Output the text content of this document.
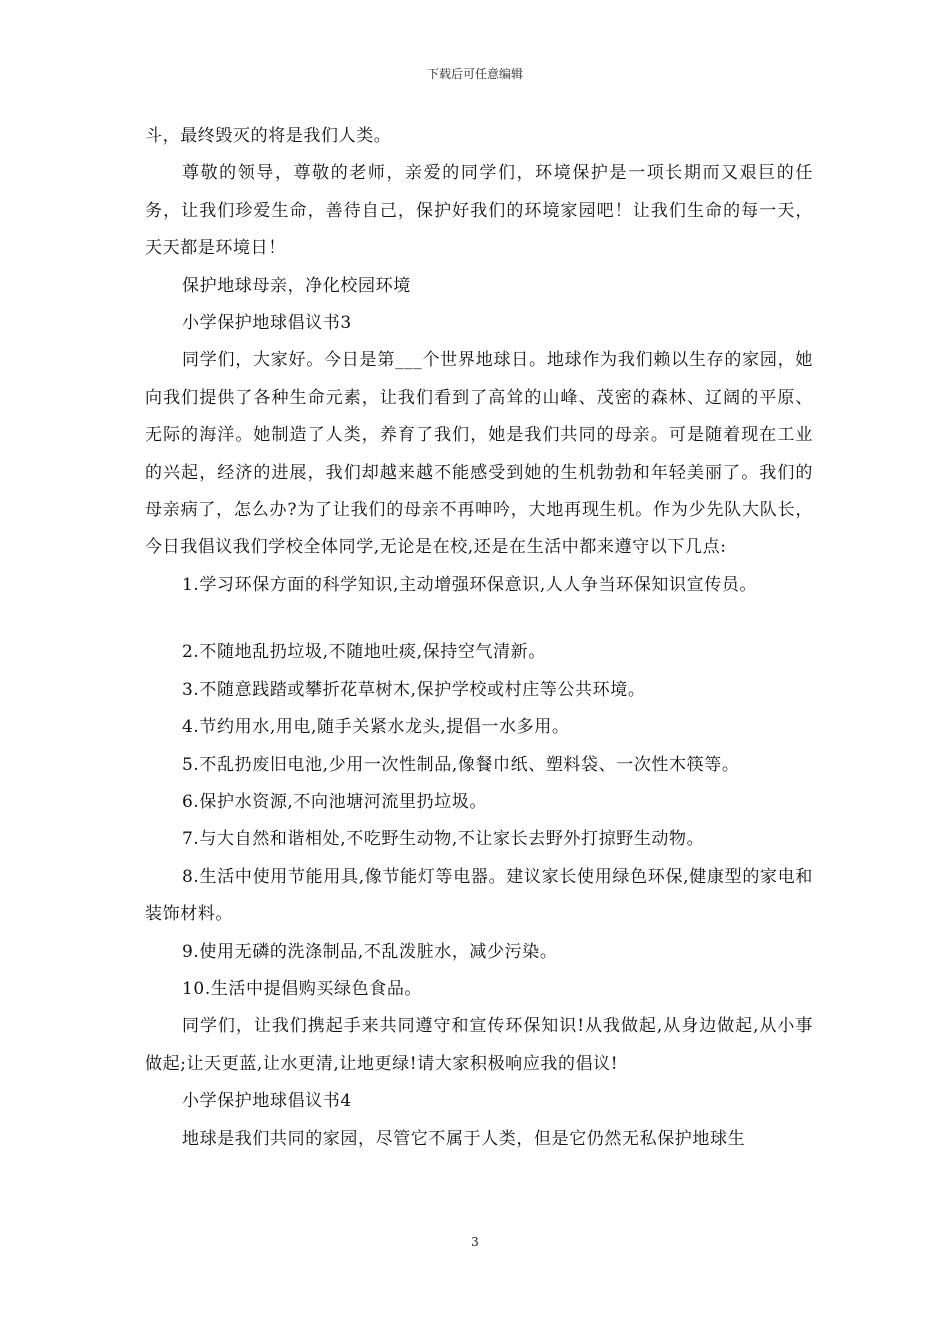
下载后可任意编辑

斗，最终毁灭的将是我们人类。

尊敬的领导，尊敬的老师，亲爱的同学们，环境保护是一项长期而又艰巨的任务，让我们珍爱生命，善待自己，保护好我们的环境家园吧！让我们生命的每一天，天天都是环境日！

保护地球母亲，净化校园环境

小学保护地球倡议书3

同学们，大家好。今日是第___个世界地球日。地球作为我们赖以生存的家园，她向我们提供了各种生命元素，让我们看到了高耸的山峰、茂密的森林、辽阔的平原、无际的海洋。她制造了人类，养育了我们，她是我们共同的母亲。可是随着现在工业的兴起，经济的进展，我们却越来越不能感受到她的生机勃勃和年轻美丽了。我们的母亲病了，怎么办?为了让我们的母亲不再呻吟，大地再现生机。作为少先队大队长，今日我倡议我们学校全体同学,无论是在校,还是在生活中都来遵守以下几点:

1.学习环保方面的科学知识,主动增强环保意识,人人争当环保知识宣传员。

2.不随地乱扔垃圾,不随地吐痰,保持空气清新。

3.不随意践踏或攀折花草树木,保护学校或村庄等公共环境。

4.节约用水,用电,随手关紧水龙头,提倡一水多用。

5.不乱扔废旧电池,少用一次性制品,像餐巾纸、塑料袋、一次性木筷等。

6.保护水资源,不向池塘河流里扔垃圾。

7.与大自然和谐相处,不吃野生动物,不让家长去野外打掠野生动物。

8.生活中使用节能用具,像节能灯等电器。建议家长使用绿色环保,健康型的家电和装饰材料。

9.使用无磷的洗涤制品,不乱泼脏水，减少污染。

10.生活中提倡购买绿色食品。

同学们，让我们携起手来共同遵守和宣传环保知识!从我做起,从身边做起,从小事做起;让天更蓝,让水更清,让地更绿!请大家积极响应我的倡议!

小学保护地球倡议书4

地球是我们共同的家园，尽管它不属于人类，但是它仍然无私保护地球生

3
